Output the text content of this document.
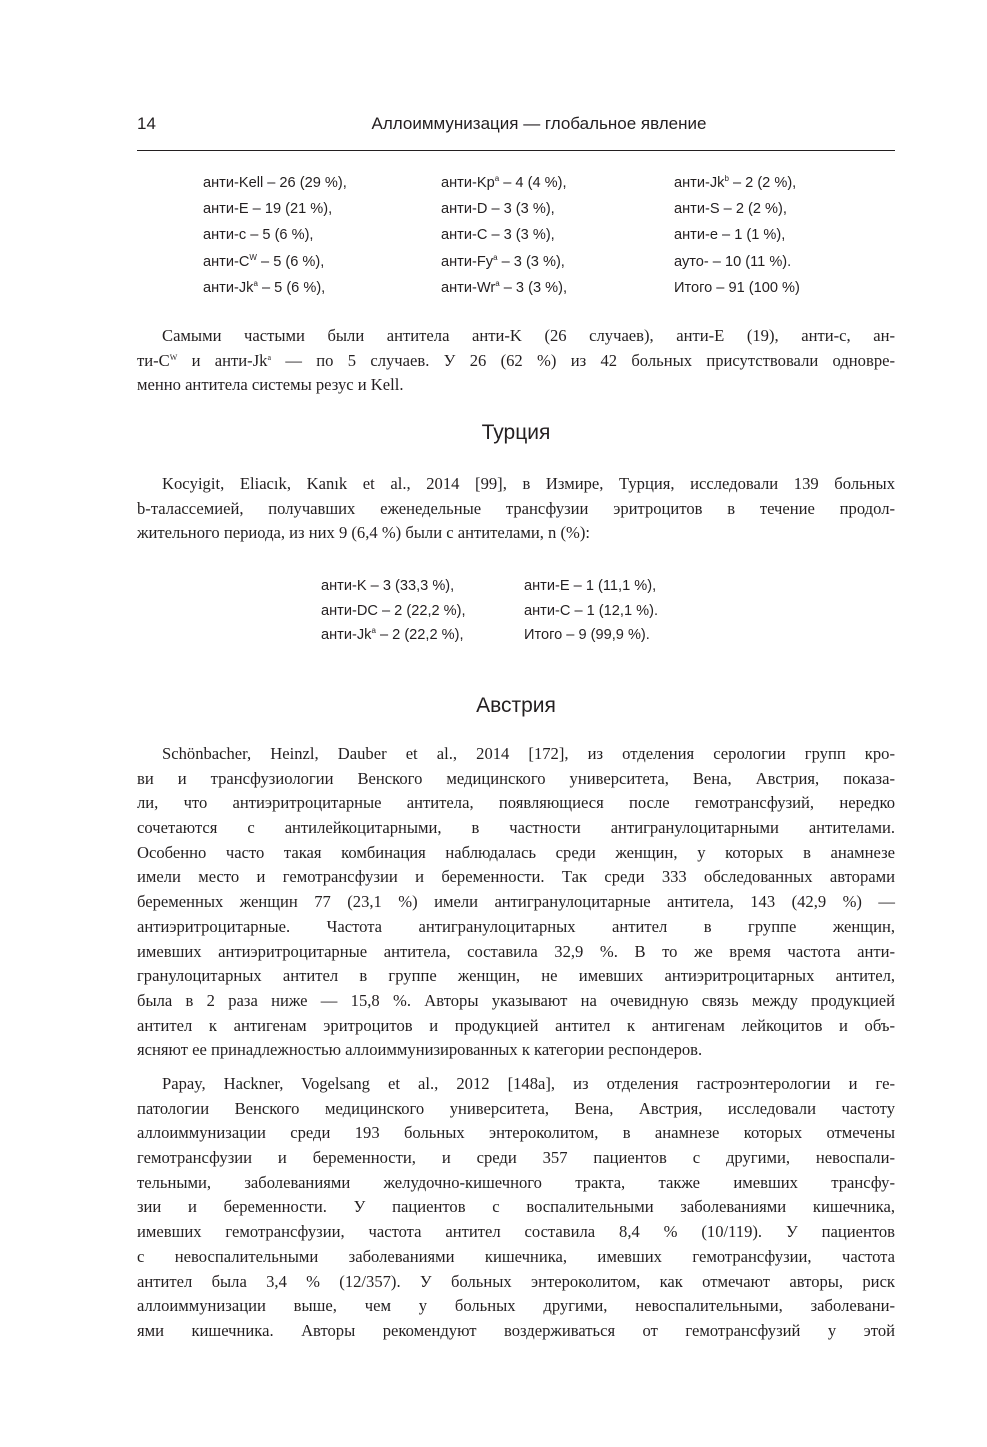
14	Аллоиммунизация — глобальное явление
анти-Kell – 26 (29 %),	анти-Kp$^a$ – 4 (4 %),	анти-Jk$^b$ – 2 (2 %),
анти-E – 19 (21 %),	анти-D – 3 (3 %),	анти-S – 2 (2 %),
анти-c – 5 (6 %),	анти-C – 3 (3 %),	анти-e – 1 (1 %),
анти-$C^W - 5$ (6 %),	анти-Fy$^a$ – 3 (3 %),	ауто- – 10 (11 %).
анти-Jk$^a$ – 5 (6 %),	анти-Wr$^a$ – 3 (3 %),	Итого – 91 (100 %)
Самыми частыми были антитела анти-K (26 случаев), анти-E (19), анти-c, ан-
$ти-C^W$ и анти-Jk$^a$ — по 5 случаев. У 26 (62 %) из 42 больных присутствовали одновре-
менно антитела системы резус и Kell.
Турция
Kocyigit, Eliacık, Kanık et al., 2014 [99], в Измире, Турция, исследовали 139 больных
b-талассемией, получавших еженедельные трансфузии эритроцитов в течение продол-
жительного периода, из них 9 (6,4 %) были с антителами, n (%):
анти-K – 3 (33,3 %),	анти-E – 1 (11,1 %),
анти-DC – 2 (22,2 %),	анти-C – 1 (12,1 %).
анти-Jk$^a$ – 2 (22,2 %),	Итого – 9 (99,9 %).
Австрия
Schönbacher, Heinzl, Dauber et al., 2014 [172], из отделения серологии групп кро-
ви и трансфузиологии Венского медицинского университета, Вена, Австрия, показа-
ли, что антиэритроцитарные антитела, появляющиеся после гемотрансфузий, нередко
сочетаются с антилейкоцитарными, в частности антигранулоцитарными антителами.
Особенно часто такая комбинация наблюдалась среди женщин, у которых в анамнезе
имели место и гемотрансфузии и беременности. Так среди 333 обследованных авторами
беременных женщин 77 (23,1 %) имели антигранулоцитарные антитела, 143 (42,9 %) —
антиэритроцитарные. Частота антигранулоцитарных антител в группе женщин,
имевших антиэритроцитарные антитела, составила 32,9 %. В то же время частота анти-
гранулоцитарных антител в группе женщин, не имевших антиэритроцитарных антител,
была в 2 раза ниже — 15,8 %. Авторы указывают на очевидную связь между продукцией
антител к антигенам эритроцитов и продукцией антител к антигенам лейкоцитов и объ-
ясняют ее принадлежностью аллоиммунизированных к категории респондеров.
Papay, Hackner, Vogelsang et al., 2012 [148a], из отделения гастроэнтерологии и ге-
патологии Венского медицинского университета, Вена, Австрия, исследовали частоту
аллоиммунизации среди 193 больных энтероколитом, в анамнезе которых отмечены
гемотрансфузии и беременности, и среди 357 пациентов с другими, невоспали-
тельными, заболеваниями желудочно-кишечного тракта, также имевших трансфу-
зии и беременности. У пациентов с воспалительными заболеваниями кишечника,
имевших гемотрансфузии, частота антител составила 8,4 % (10/119). У пациентов
с невоспалительными заболеваниями кишечника, имевших гемотрансфузии, частота
антител была 3,4 % (12/357). У больных энтероколитом, как отмечают авторы, риск
аллоиммунизации выше, чем у больных другими, невоспалительными, заболевани-
ями кишечника. Авторы рекомендуют воздерживаться от гемотрансфузий у этой
